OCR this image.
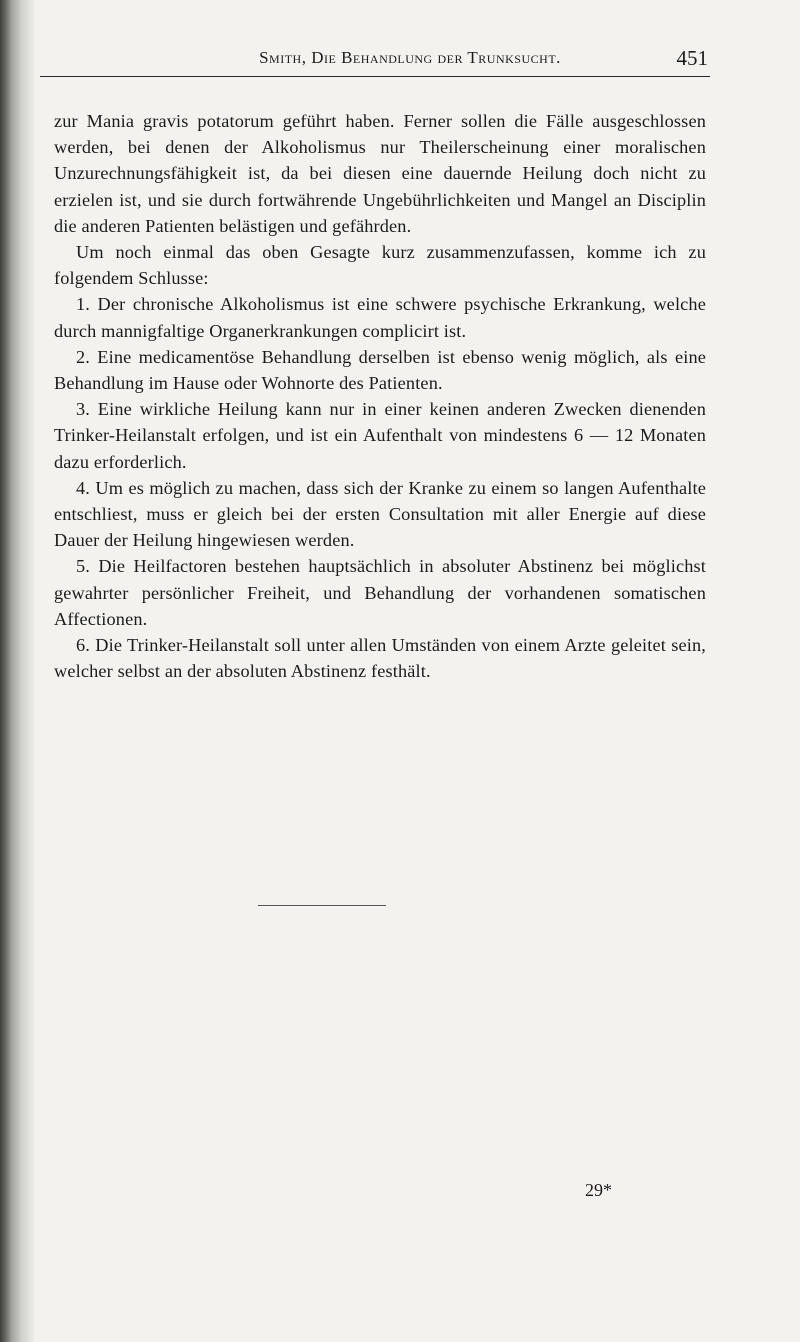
Smith, Die Behandlung der Trunksucht.	451

zur Mania gravis potatorum geführt haben. Ferner sollen die Fälle ausgeschlossen werden, bei denen der Alkoholismus nur Theilerscheinung einer moralischen Unzurechnungsfähigkeit ist, da bei diesen eine dauernde Heilung doch nicht zu erzielen ist, und sie durch fortwährende Ungebührlichkeiten und Mangel an Disciplin die anderen Patienten belästigen und gefährden.

Um noch einmal das oben Gesagte kurz zusammenzufassen, komme ich zu folgendem Schlusse:

1. Der chronische Alkoholismus ist eine schwere psychische Erkrankung, welche durch mannigfaltige Organerkrankungen complicirt ist.

2. Eine medicamentöse Behandlung derselben ist ebenso wenig möglich, als eine Behandlung im Hause oder Wohnorte des Patienten.

3. Eine wirkliche Heilung kann nur in einer keinen anderen Zwecken dienenden Trinker-Heilanstalt erfolgen, und ist ein Aufenthalt von mindestens 6 — 12 Monaten dazu erforderlich.

4. Um es möglich zu machen, dass sich der Kranke zu einem so langen Aufenthalte entschliest, muss er gleich bei der ersten Consultation mit aller Energie auf diese Dauer der Heilung hingewiesen werden.

5. Die Heilfactoren bestehen hauptsächlich in absoluter Abstinenz bei möglichst gewahrter persönlicher Freiheit, und Behandlung der vorhandenen somatischen Affectionen.

6. Die Trinker-Heilanstalt soll unter allen Umständen von einem Arzte geleitet sein, welcher selbst an der absoluten Abstinenz festhält.

29*
